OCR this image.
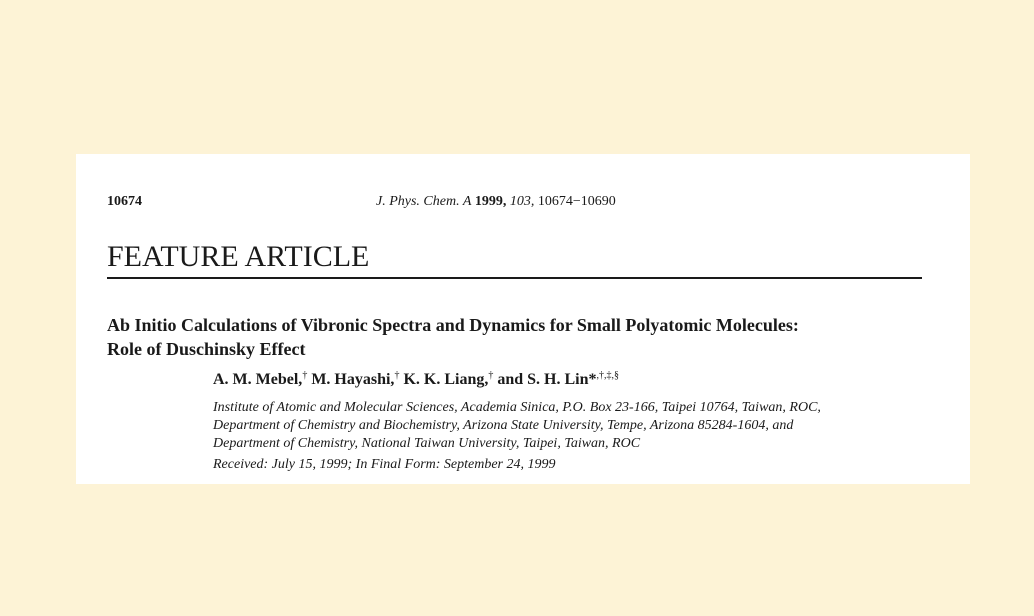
10674	J. Phys. Chem. A 1999, 103, 10674−10690
FEATURE ARTICLE
Ab Initio Calculations of Vibronic Spectra and Dynamics for Small Polyatomic Molecules:
Role of Duschinsky Effect
A. M. Mebel,† M. Hayashi,† K. K. Liang,† and S. H. Lin*,†,‡,§
Institute of Atomic and Molecular Sciences, Academia Sinica, P.O. Box 23-166, Taipei 10764, Taiwan, ROC,
Department of Chemistry and Biochemistry, Arizona State University, Tempe, Arizona 85284-1604, and
Department of Chemistry, National Taiwan University, Taipei, Taiwan, ROC
Received: July 15, 1999; In Final Form: September 24, 1999
